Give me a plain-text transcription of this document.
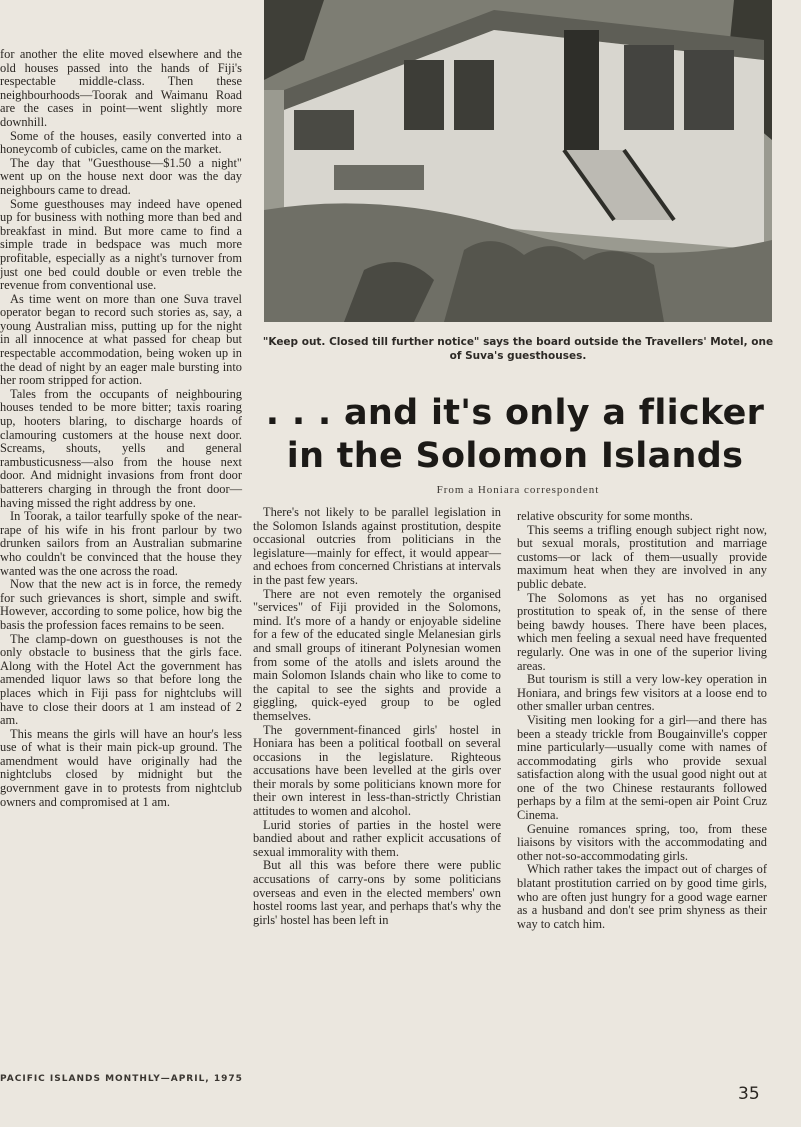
for another the elite moved elsewhere and the old houses passed into the hands of Fiji's respectable middle-class. Then these neighbourhoods—Toorak and Waimanu Road are the cases in point—went slightly more downhill.

Some of the houses, easily converted into a honeycomb of cubicles, came on the market.

The day that "Guesthouse—$1.50 a night" went up on the house next door was the day neighbours came to dread.

Some guesthouses may indeed have opened up for business with nothing more than bed and breakfast in mind. But more came to find a simple trade in bedspace was much more profitable, especially as a night's turnover from just one bed could double or even treble the revenue from conventional use.

As time went on more than one Suva travel operator began to record such stories as, say, a young Australian miss, putting up for the night in all innocence at what passed for cheap but respectable accommodation, being woken up in the dead of night by an eager male bursting into her room stripped for action.

Tales from the occupants of neighbouring houses tended to be more bitter; taxis roaring up, hooters blaring, to discharge hoards of clamouring customers at the house next door. Screams, shouts, yells and general rambusticusness—also from the house next door. And midnight invasions from front door batterers charging in through the front door—having missed the right address by one.

In Toorak, a tailor tearfully spoke of the near-rape of his wife in his front parlour by two drunken sailors from an Australian submarine who couldn't be convinced that the house they wanted was the one across the road.

Now that the new act is in force, the remedy for such grievances is short, simple and swift. However, according to some police, how big the basis the profession faces remains to be seen.

The clamp-down on guesthouses is not the only obstacle to business that the girls face. Along with the Hotel Act the government has amended liquor laws so that before long the places which in Fiji pass for nightclubs will have to close their doors at 1 am instead of 2 am.

This means the girls will have an hour's less use of what is their main pick-up ground. The amendment would have originally had the nightclubs closed by midnight but the government gave in to protests from nightclub owners and compromised at 1 am.

"Keep out. Closed till further notice" says the board outside the Travellers' Motel, one of Suva's guesthouses.
. . . and it's only a flicker
in the Solomon Islands
From a Honiara correspondent

There's not likely to be parallel legislation in the Solomon Islands against prostitution, despite occasional outcries from politicians in the legislature—mainly for effect, it would appear—and echoes from concerned Christians at intervals in the past few years.

There are not even remotely the organised "services" of Fiji provided in the Solomons, mind. It's more of a handy or enjoyable sideline for a few of the educated single Melanesian girls and small groups of itinerant Polynesian women from some of the atolls and islets around the main Solomon Islands chain who like to come to the capital to see the sights and provide a giggling, quick-eyed group to be ogled themselves.

The government-financed girls' hostel in Honiara has been a political football on several occasions in the legislature. Righteous accusations have been levelled at the girls over their morals by some politicians known more for their own interest in less-than-strictly Christian attitudes to women and alcohol.

Lurid stories of parties in the hostel were bandied about and rather explicit accusations of sexual immorality with them.

But all this was before there were public accusations of carry-ons by some politicians overseas and even in the elected members' own hostel rooms last year, and perhaps that's why the girls' hostel has been left in

relative obscurity for some months.

This seems a trifling enough subject right now, but sexual morals, prostitution and marriage customs—or lack of them—usually provide maximum heat when they are involved in any public debate.

The Solomons as yet has no organised prostitution to speak of, in the sense of there being bawdy houses. There have been places, which men feeling a sexual need have frequented regularly. One was in one of the superior living areas.

But tourism is still a very low-key operation in Honiara, and brings few visitors at a loose end to other smaller urban centres.

Visiting men looking for a girl—and there has been a steady trickle from Bougainville's copper mine particularly—usually come with names of accommodating girls who provide sexual satisfaction along with the usual good night out at one of the two Chinese restaurants followed perhaps by a film at the semi-open air Point Cruz Cinema.

Genuine romances spring, too, from these liaisons by visitors with the accommodating and other not-so-accommodating girls.

Which rather takes the impact out of charges of blatant prostitution carried on by good time girls, who are often just hungry for a good wage earner as a husband and don't see prim shyness as their way to catch him.

PACIFIC ISLANDS MONTHLY—APRIL, 1975
35
